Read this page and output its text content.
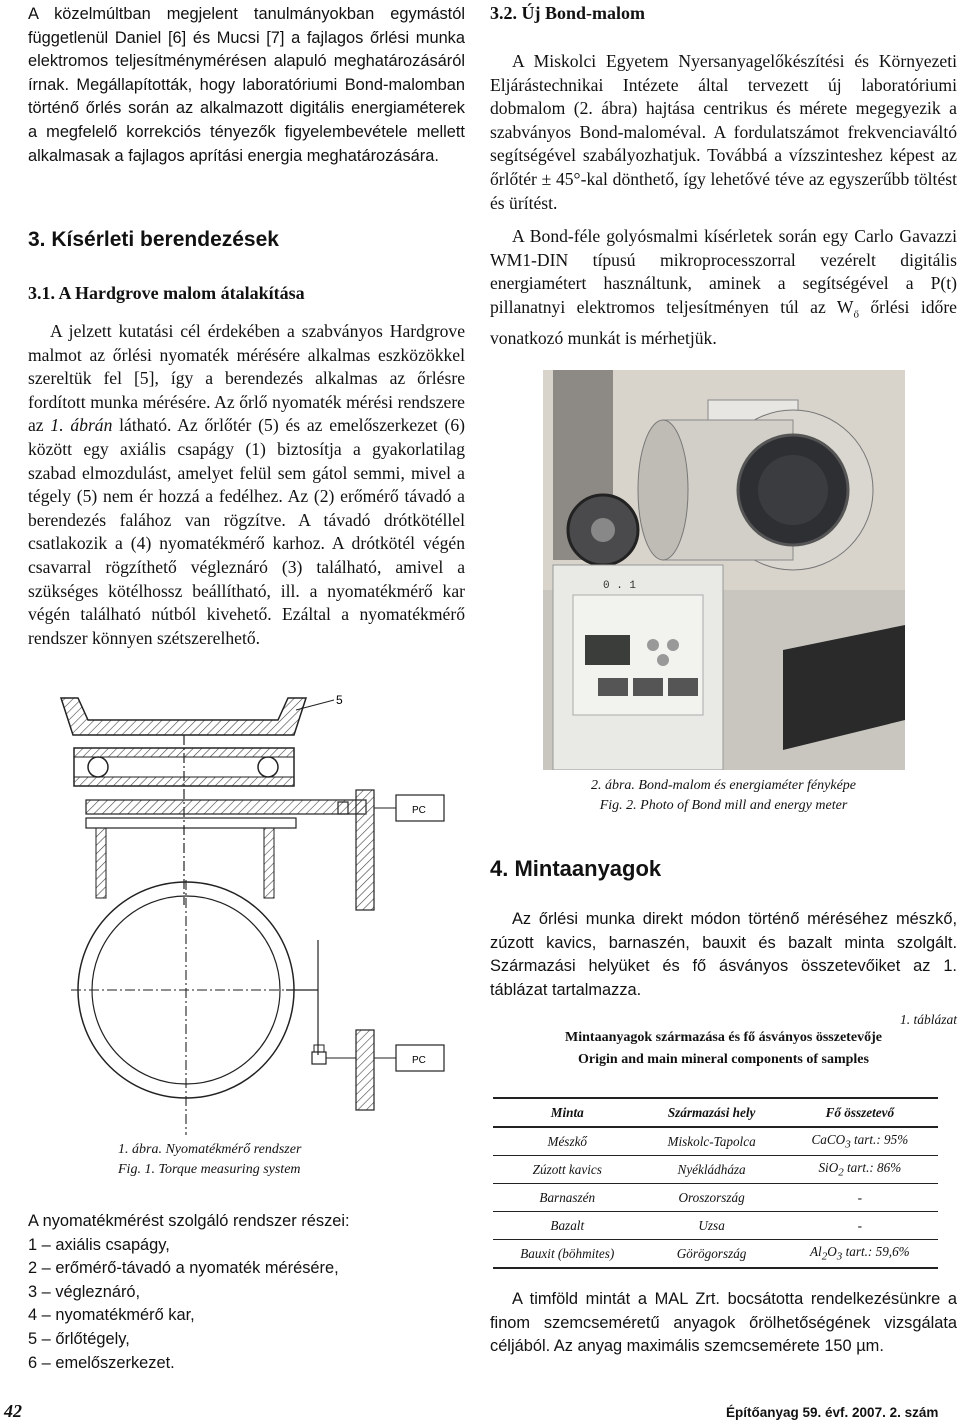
A közelmúltban megjelent tanulmányokban egymástól függetlenül Daniel [6] és Mucsi [7] a fajlagos őrlési munka elektromos teljesítménymérésen alapuló meghatározásáról írnak. Megállapították, hogy laboratóriumi Bond-malomban történő őrlés során az alkalmazott digitális energiaméterek a megfelelő korrekciós tényezők figyelembevétele mellett alkalmasak a fajlagos aprítási energia meghatározására.

3. Kísérleti berendezések
3.1. A Hardgrove malom átalakítása

A jelzett kutatási cél érdekében a szabványos Hardgrove malmot az őrlési nyomaték mérésére alkalmas eszközökkel szereltük fel [5], így a berendezés alkalmas az őrlésre fordított munka mérésére. Az őrlő nyomaték mérési rendszere az 1. ábrán látható. Az őrlőtér (5) és az emelőszerkezet (6) között egy axiális csapágy (1) biztosítja a gyakorlatilag szabad elmozdulást, amelyet felül sem gátol semmi, mivel a tégely (5) nem ér hozzá a fedélhez. Az (2) erőmérő távadó a berendezés falához van rögzítve. A távadó drótkötéllel csatlakozik a (4) nyomatékmérő karhoz. A drótkötél végén csavarral rögzíthető végleznáró (3) található, amivel a szükséges kötélhossz beállítható, ill. a nyomatékmérő kar végén található nútból kivehető. Ezáltal a nyomatékmérő rendszer könnyen szétszerelhető.

5
PC
PC
1. ábra. Nyomatékmérő rendszer
Fig. 1. Torque measuring system

A nyomatékmérést szolgáló rendszer részei:

1 – axiális csapágy,

2 – erőmérő-távadó a nyomaték mérésére,

3 – végleznáró,

4 – nyomatékmérő kar,

5 – őrlőtégely,

6 – emelőszerkezet.

3.2. Új Bond-malom

A Miskolci Egyetem Nyersanyagelőkészítési és Környezeti Eljárástechnikai Intézete által tervezett új laboratóriumi dobmalom (2. ábra) hajtása centrikus és mérete megegyezik a szabványos Bond-maloméval. A fordulatszámot frekvenciaváltó segítségével szabályozhatjuk. Továbbá a vízszinteshez képest az őrlőtér ± 45°-kal dönthető, így lehetővé téve az egyszerűbb töltést és ürítést.

A Bond-féle golyósmalmi kísérletek során egy Carlo Gavazzi WM1-DIN típusú mikroprocesszorral vezérelt digitális energiamétert használtunk, aminek a segítségével a P(t) pillanatnyi elektromos teljesítményen túl az $W_ő$ őrlési időre vonatkozó munkát is mérhetjük.

0 . 1
2. ábra. Bond-malom és energiaméter fényképe
Fig. 2. Photo of Bond mill and energy meter
4. Mintaanyagok

Az őrlési munka direkt módon történő méréséhez mészkő, zúzott kavics, barnaszén, bauxit és bazalt minta szolgált. Származási helyüket és fő ásványos összetevőiket az 1. táblázat tartalmazza.

1. táblázat
Mintaanyagok származása és fő ásványos összetevője
Origin and main mineral components of samples
Minta	Származási hely	Fő összetevő
Mészkő	Miskolc-Tapolca	CaCO$_3$ tart.: 95%
Zúzott kavics	Nyékládháza	SiO$_2$ tart.: 86%
Barnaszén	Oroszország	-
Bazalt	Uzsa	-
Bauxit (böhmites)	Görögország	$Al_2O_3$ tart.: 59,6%

A timföld mintát a MAL Zrt. bocsátotta rendelkezésünkre a finom szemcseméretű anyagok őrölhetőségének vizsgálata céljából. Az anyag maximális szemcsemérete 150 µm.

42	Építőanyag 59. évf. 2007. 2. szám
